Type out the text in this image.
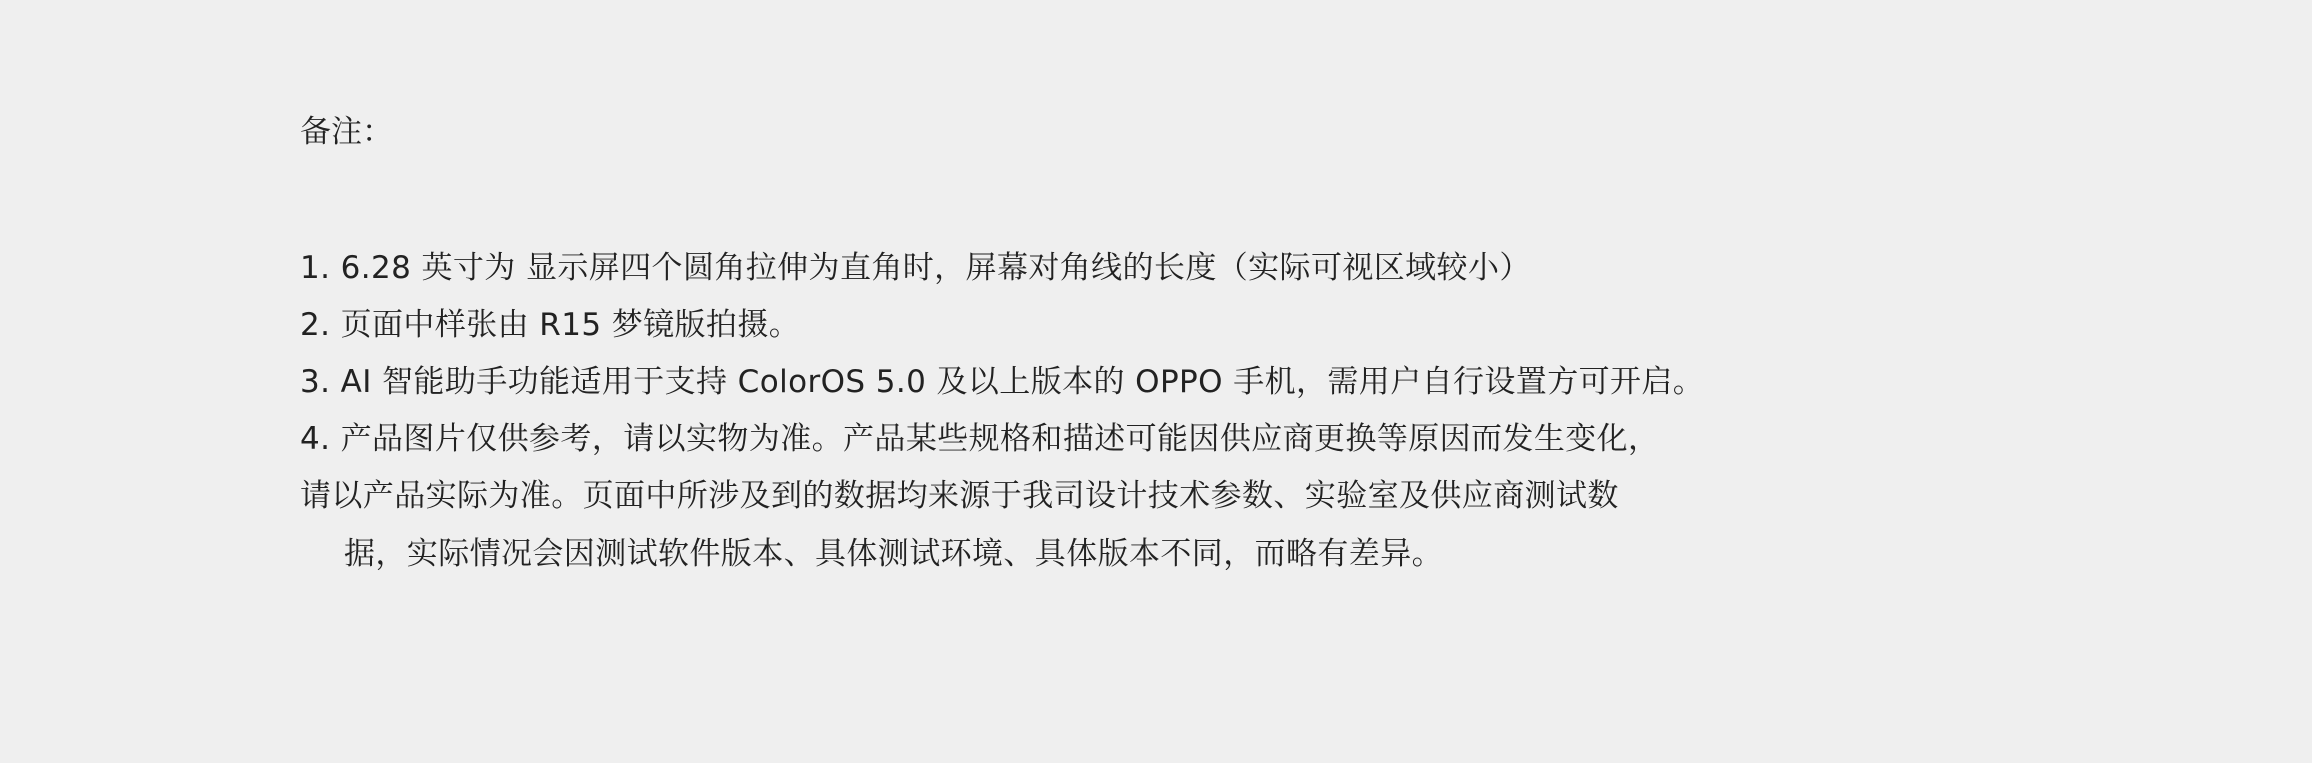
备注：
1. 6.28 英寸为 显示屏四个圆角拉伸为直角时，屏幕对角线的长度（实际可视区域较小）
2. 页面中样张由 R15 梦镜版拍摄。
3. AI 智能助手功能适用于支持 ColorOS 5.0 及以上版本的 OPPO 手机，需用户自行设置方可开启。
4. 产品图片仅供参考，请以实物为准。产品某些规格和描述可能因供应商更换等原因而发生变化，
请以产品实际为准。页面中所涉及到的数据均来源于我司设计技术参数、实验室及供应商测试数
据，实际情况会因测试软件版本、具体测试环境、具体版本不同，而略有差异。
